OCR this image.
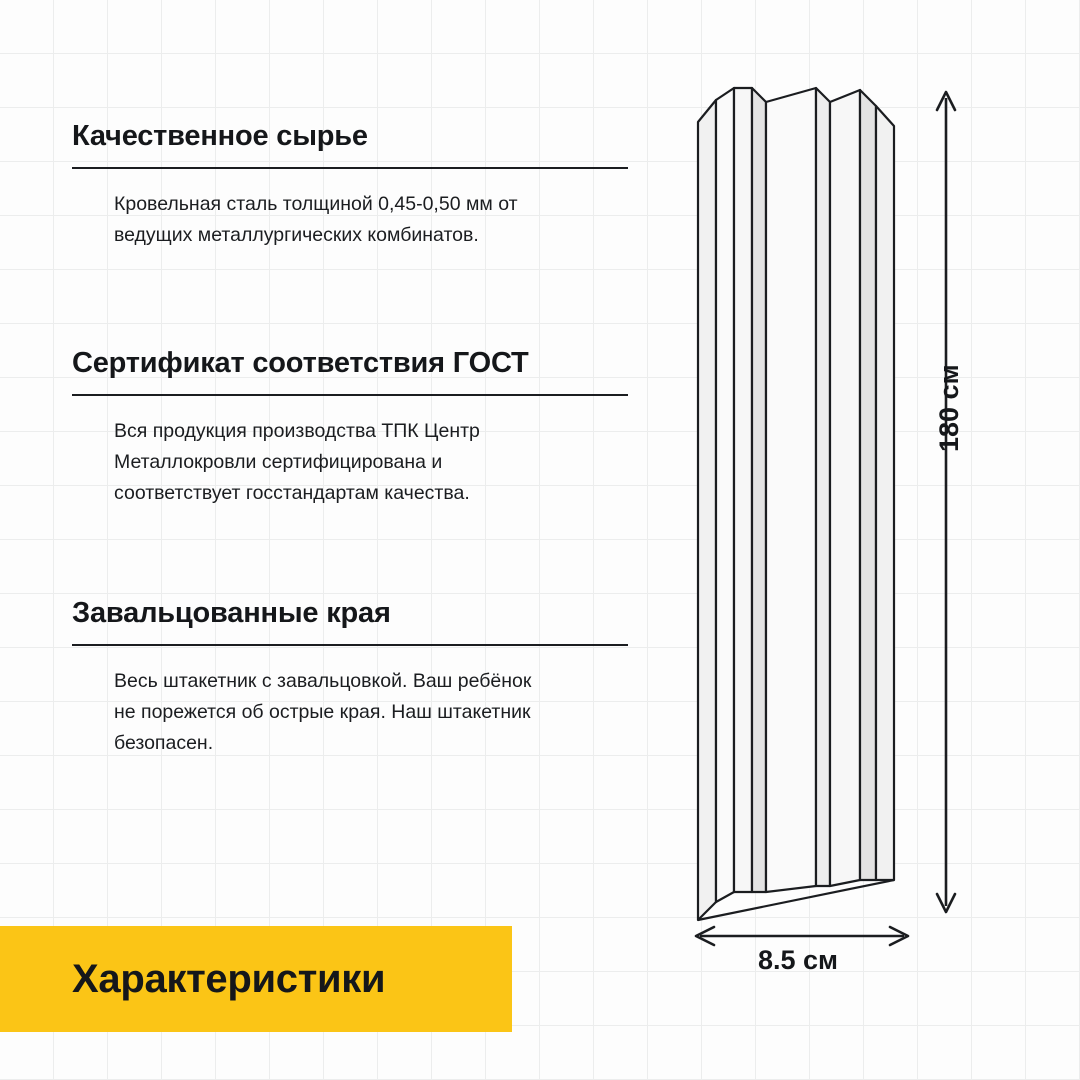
Качественное сырье

Кровельная сталь толщиной 0,45-0,50 мм от ведущих металлургических комбинатов.

Сертификат соответствия ГОСТ

Вся продукция производства ТПК Центр Металлокровли сертифицирована и соответствует госстандартам качества.

Завальцованные края

Весь штакетник с завальцовкой. Ваш ребёнок не порежется об острые края. Наш штакетник безопасен.

Характеристики
180 см
8.5 см
